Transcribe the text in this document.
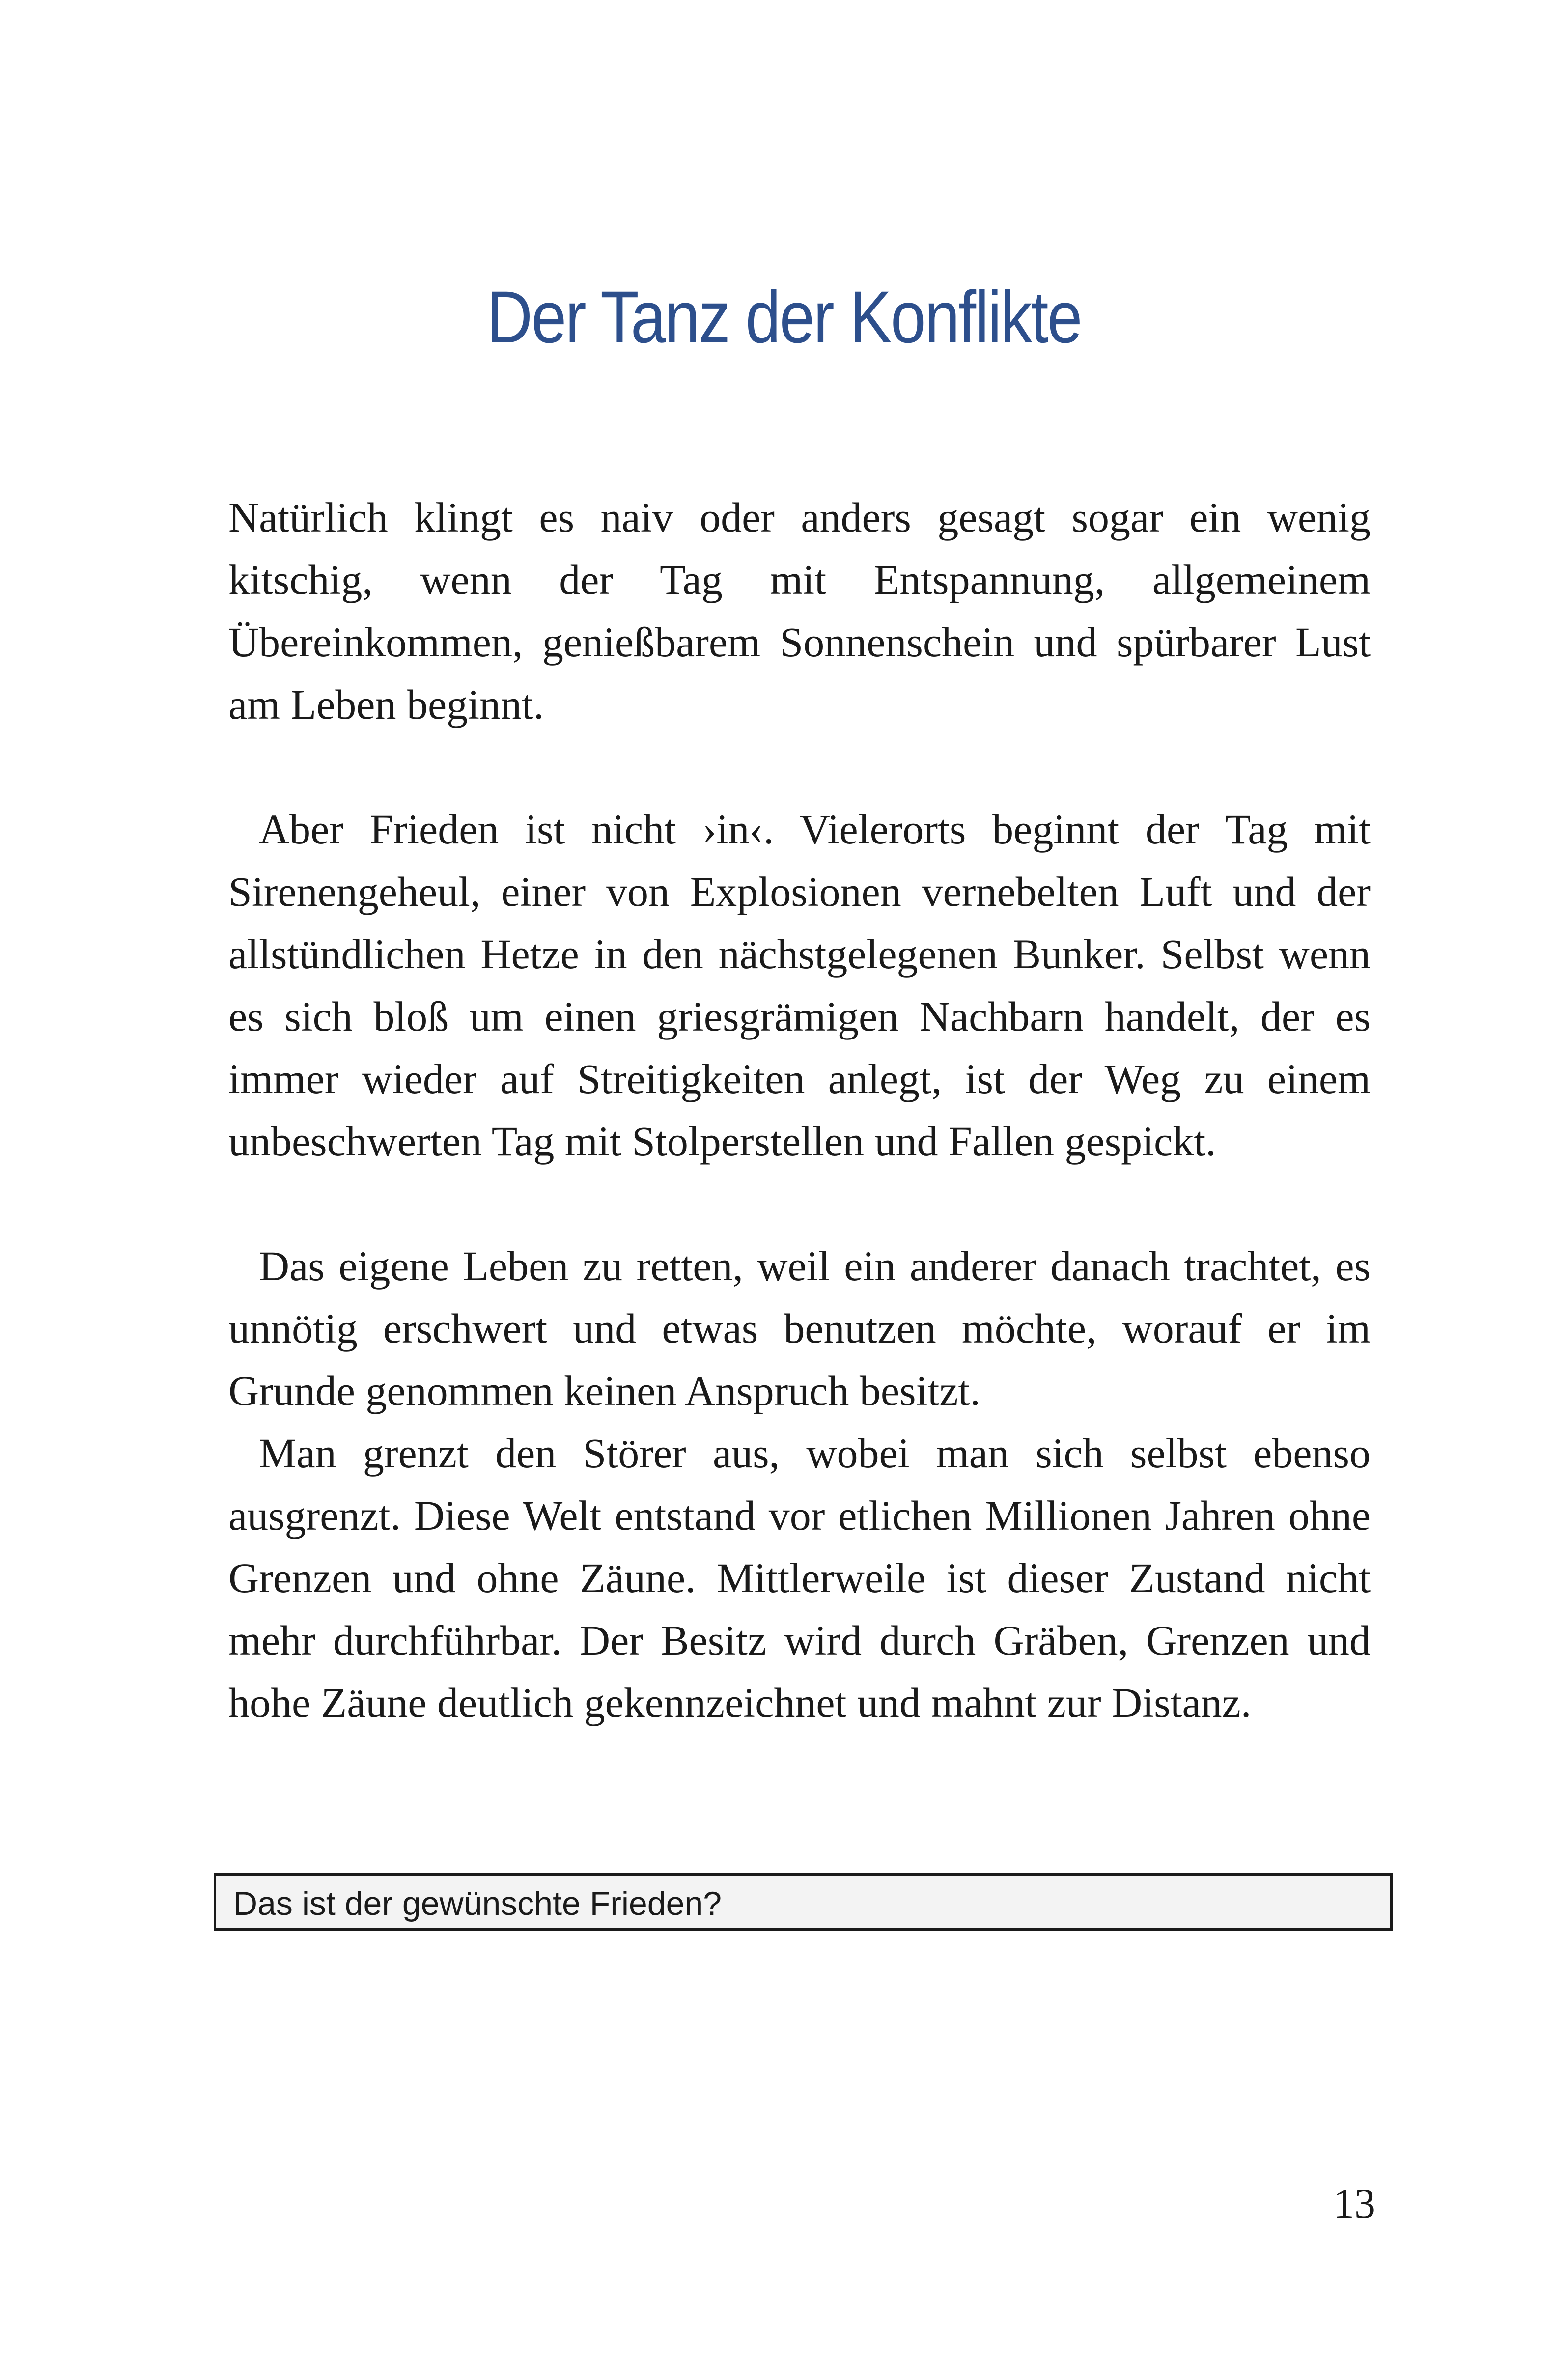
Der Tanz der Konflikte

Natürlich klingt es naiv oder anders gesagt sogar ein wenig kitschig, wenn der Tag mit Entspannung, allgemeinem Übereinkommen, genießbarem Sonnenschein und spürbarer Lust am Leben beginnt.

Aber Frieden ist nicht ›in‹. Vielerorts beginnt der Tag mit Sirenengeheul, einer von Explosionen vernebelten Luft und der allstündlichen Hetze in den nächstgelegenen Bunker. Selbst wenn es sich bloß um einen griesgrämigen Nachbarn handelt, der es immer wieder auf Streitigkeiten anlegt, ist der Weg zu einem unbeschwerten Tag mit Stolperstellen und Fallen gespickt.

Das eigene Leben zu retten, weil ein anderer danach trachtet, es unnötig erschwert und etwas benutzen möchte, worauf er im Grunde genommen keinen Anspruch besitzt.

Man grenzt den Störer aus, wobei man sich selbst ebenso ausgrenzt. Diese Welt entstand vor etlichen Millionen Jahren ohne Grenzen und ohne Zäune. Mittlerweile ist dieser Zustand nicht mehr durchführbar. Der Besitz wird durch Gräben, Grenzen und hohe Zäune deutlich gekennzeichnet und mahnt zur Distanz.

Das ist der gewünschte Frieden?
13
